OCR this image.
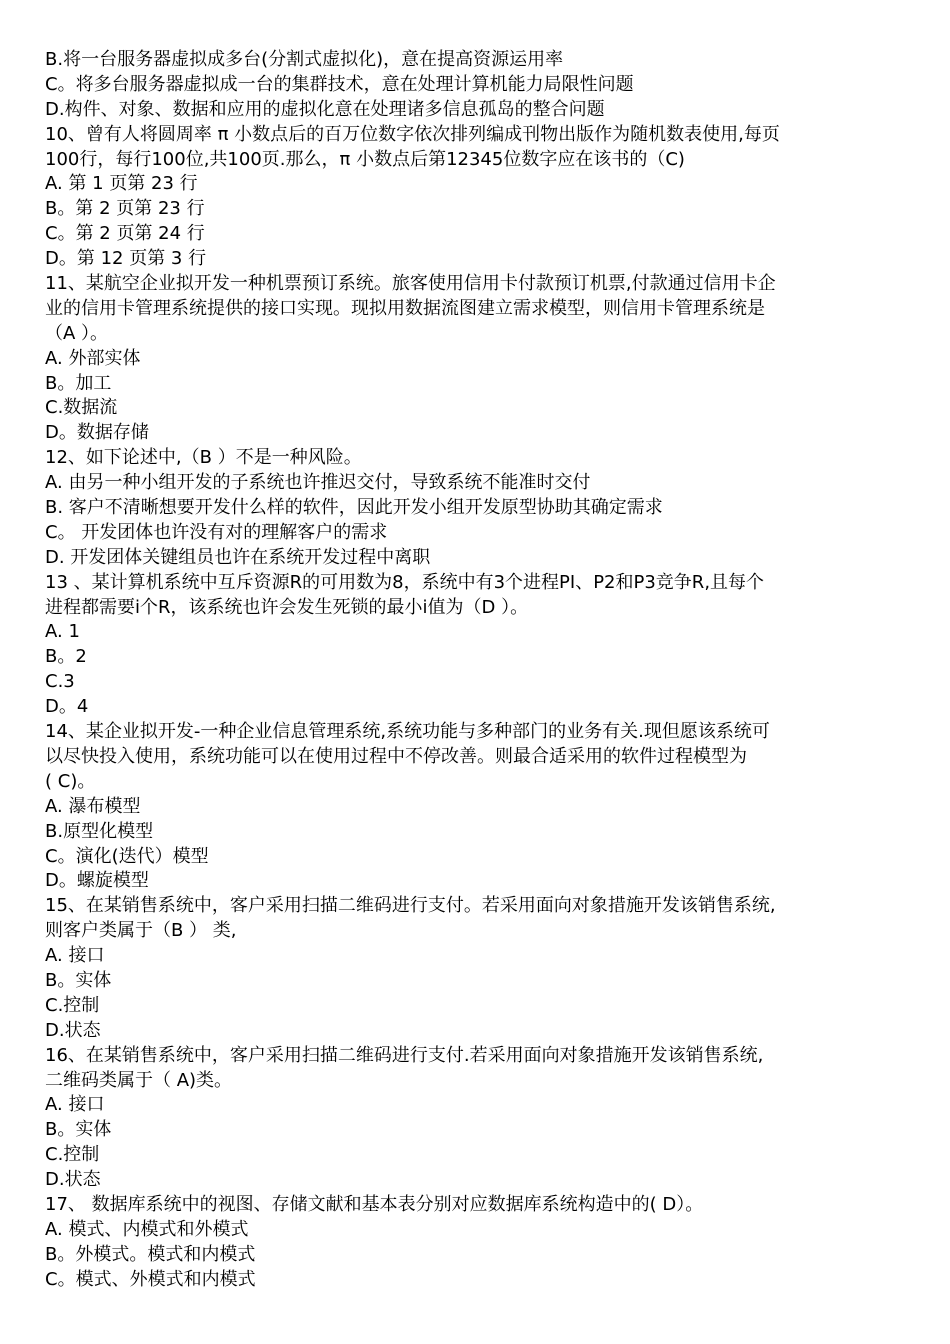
B.将一台服务器虚拟成多台(分割式虚拟化)，意在提高资源运用率
C。将多台服务器虚拟成一台的集群技术，意在处理计算机能力局限性问题
D.构件、对象、数据和应用的虚拟化意在处理诸多信息孤岛的整合问题
10、曾有人将圆周率 π 小数点后的百万位数字依次排列编成刊物出版作为随机数表使用,每页
100行，每行100位,共100页.那么，π 小数点后第12345位数字应在该书的（C)
A. 第 1 页第 23 行
B。第 2 页第 23 行
C。第 2 页第 24 行
D。第 12 页第 3 行
11、某航空企业拟开发一种机票预订系统。旅客使用信用卡付款预订机票,付款通过信用卡企
业的信用卡管理系统提供的接口实现。现拟用数据流图建立需求模型，则信用卡管理系统是
（A ）。
A. 外部实体
B。加工
C.数据流
D。数据存储
12、如下论述中,（B ）不是一种风险。
A. 由另一种小组开发的子系统也许推迟交付，导致系统不能准时交付
B. 客户不清晰想要开发什么样的软件，因此开发小组开发原型协助其确定需求
C。 开发团体也许没有对的理解客户的需求
D. 开发团体关键组员也许在系统开发过程中离职
13 、某计算机系统中互斥资源R的可用数为8，系统中有3个进程PI、P2和P3竞争R,且每个
进程都需要i个R，该系统也许会发生死锁的最小i值为（D ）。
A. 1
B。2
C.3
D。4
14、某企业拟开发-一种企业信息管理系统,系统功能与多种部门的业务有关.现但愿该系统可
以尽快投入使用，系统功能可以在使用过程中不停改善。则最合适采用的软件过程模型为
( C)。
A. 瀑布模型
B.原型化模型
C。演化(迭代）模型
D。螺旋模型
15、在某销售系统中，客户采用扫描二维码进行支付。若采用面向对象措施开发该销售系统,
则客户类属于（B ） 类,
A. 接口
B。实体
C.控制
D.状态
16、在某销售系统中，客户采用扫描二维码进行支付.若采用面向对象措施开发该销售系统,
二维码类属于（ A)类。
A. 接口
B。实体
C.控制
D.状态
17、 数据库系统中的视图、存储文献和基本表分别对应数据库系统构造中的( D）。
A. 模式、内模式和外模式
B。外模式。模式和内模式
C。模式、外模式和内模式
